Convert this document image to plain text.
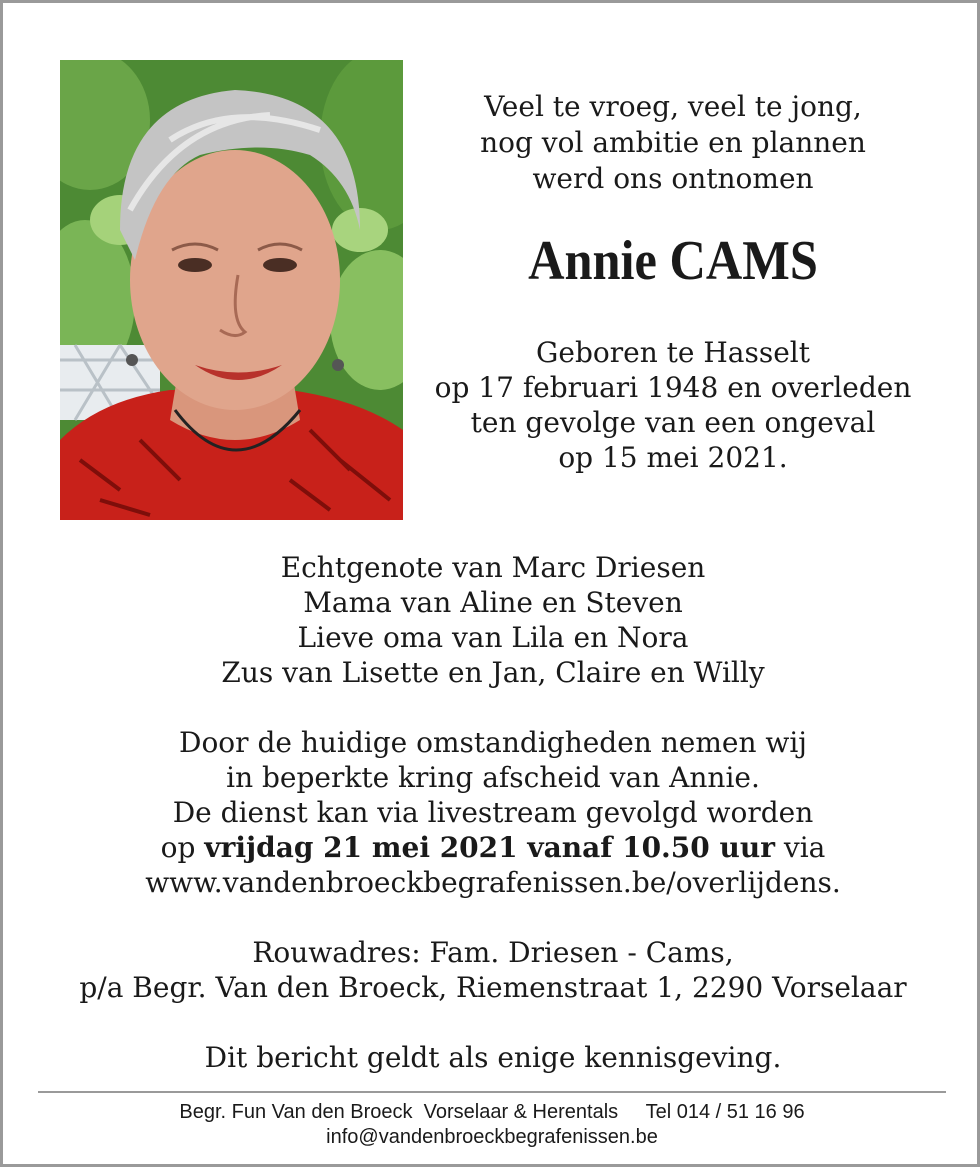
Veel te vroeg, veel te jong,
nog vol ambitie en plannen
werd ons ontnomen
Annie CAMS
Geboren te Hasselt
op 17 februari 1948 en overleden
ten gevolge van een ongeval
op 15 mei 2021.
Echtgenote van Marc Driesen
Mama van Aline en Steven
Lieve oma van Lila en Nora
Zus van Lisette en Jan, Claire en Willy
Door de huidige omstandigheden nemen wij
in beperkte kring afscheid van Annie.
De dienst kan via livestream gevolgd worden
op vrijdag 21 mei 2021 vanaf 10.50 uur via
www.vandenbroeckbegrafenissen.be/overlijdens.
Rouwadres: Fam. Driesen - Cams,
p/a Begr. Van den Broeck, Riemenstraat 1, 2290 Vorselaar
Dit bericht geldt als enige kennisgeving.
Begr. Fun Van den Broeck  Vorselaar & Herentals     Tel 014 / 51 16 96
info@vandenbroeckbegrafenissen.be
